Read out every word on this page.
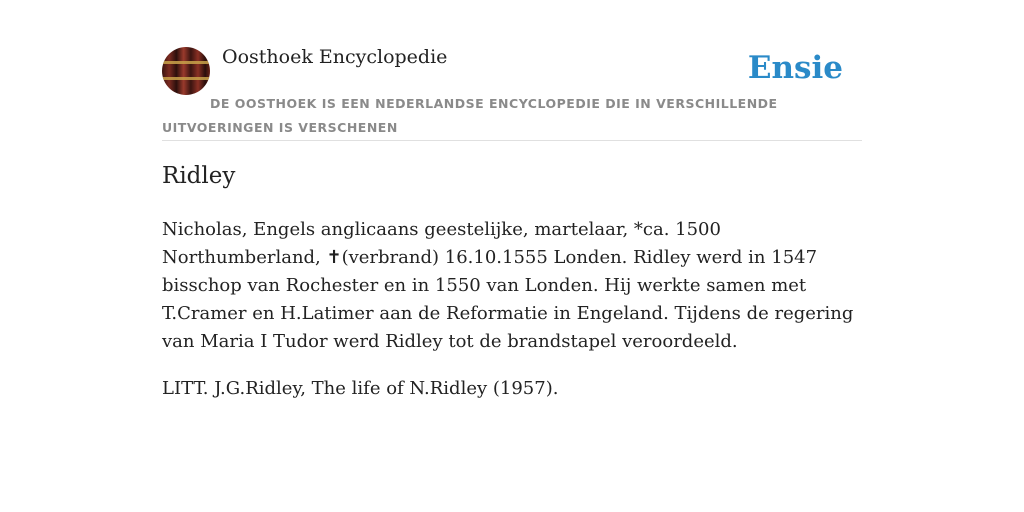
Oosthoek Encyclopedie	Ensie
DE OOSTHOEK IS EEN NEDERLANDSE ENCYCLOPEDIE DIE IN VERSCHILLENDE UITVOERINGEN IS VERSCHENEN
Ridley

Nicholas, Engels anglicaans geestelijke, martelaar, *ca. 1500 Northumberland, ✝(verbrand) 16.10.1555 Londen. Ridley werd in 1547 bisschop van Rochester en in 1550 van Londen. Hij werkte samen met T.Cramer en H.Latimer aan de Reformatie in Engeland. Tijdens de regering van Maria I Tudor werd Ridley tot de brandstapel veroordeeld.

LITT. J.G.Ridley, The life of N.Ridley (1957).
